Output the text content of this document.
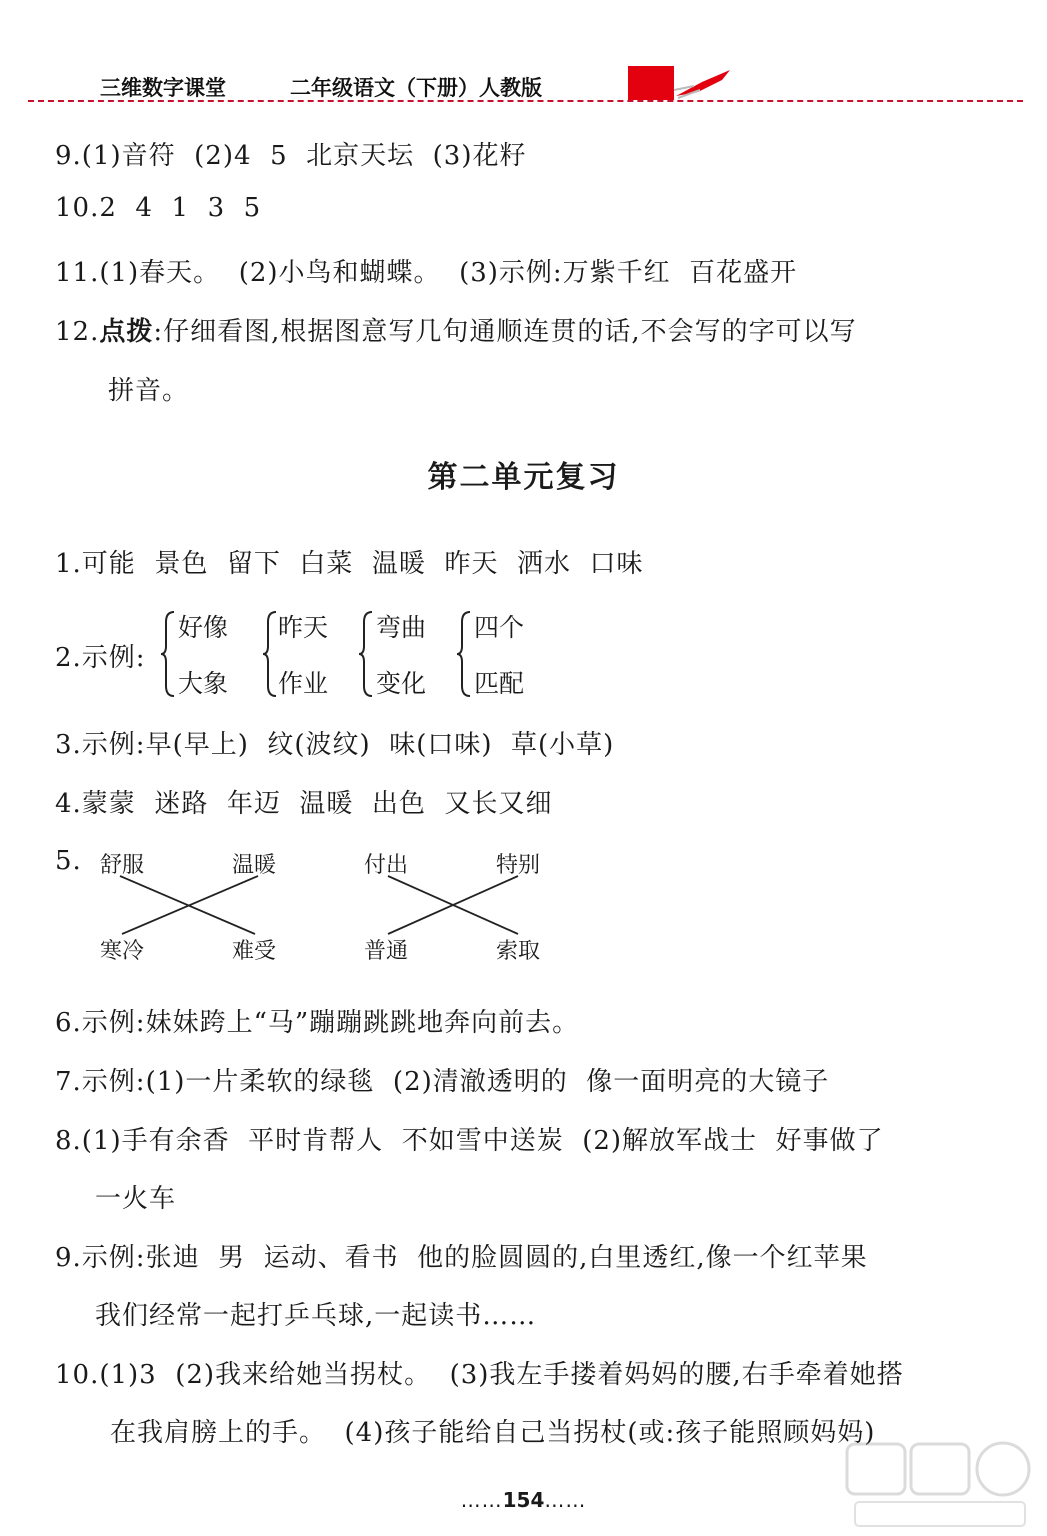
三维数字课堂	二年级语文（下册）人教版
9.(1)音符  (2)4  5  北京天坛  (3)花籽
10.2  4  1  3  5
11.(1)春天。  (2)小鸟和蝴蝶。  (3)示例:万紫千红  百花盛开
12.点拨:仔细看图,根据图意写几句通顺连贯的话,不会写的字可以写
拼音。
第二单元复习
1.可能  景色  留下  白菜  温暖  昨天  洒水  口味
2.示例:
好像
大象
昨天
作业
弯曲
变化
四个
匹配
3.示例:早(早上)  纹(波纹)  味(口味)  草(小草)
4.蒙蒙  迷路  年迈  温暖  出色  又长又细
5. 舒服	温暖
寒冷	难受
付出	特别
普通	索取
6.示例:妹妹跨上“马”蹦蹦跳跳地奔向前去。
7.示例:(1)一片柔软的绿毯  (2)清澈透明的  像一面明亮的大镜子
8.(1)手有余香  平时肯帮人  不如雪中送炭  (2)解放军战士  好事做了
一火车
9.示例:张迪  男  运动、看书  他的脸圆圆的,白里透红,像一个红苹果
我们经常一起打乒乓球,一起读书……
10.(1)3  (2)我来给她当拐杖。  (3)我左手搂着妈妈的腰,右手牵着她搭
在我肩膀上的手。  (4)孩子能给自己当拐杖(或:孩子能照顾妈妈)
……154……
